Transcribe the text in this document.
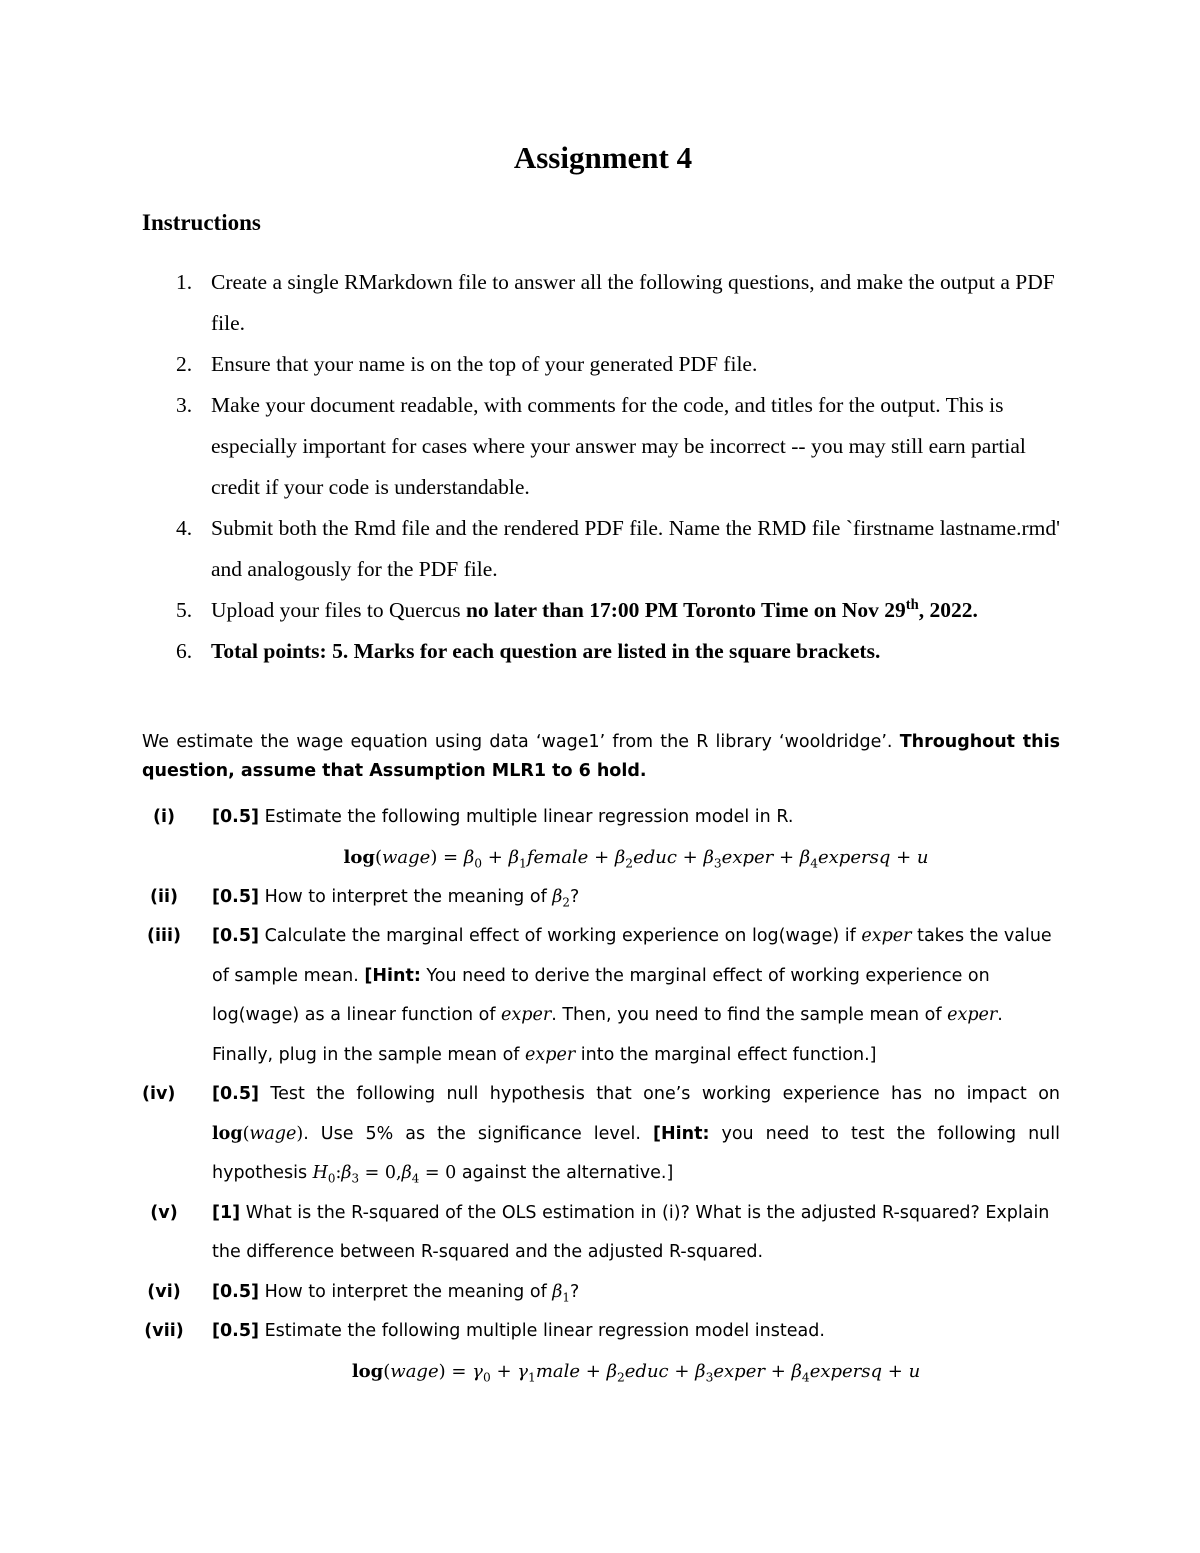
Assignment 4
Instructions
1. Create a single RMarkdown file to answer all the following questions, and make the output a PDF file.
2. Ensure that your name is on the top of your generated PDF file.
3. Make your document readable, with comments for the code, and titles for the output. This is especially important for cases where your answer may be incorrect -- you may still earn partial credit if your code is understandable.
4. Submit both the Rmd file and the rendered PDF file. Name the RMD file `firstname lastname.rmd' and analogously for the PDF file.
5. Upload your files to Quercus no later than 17:00 PM Toronto Time on Nov 29th, 2022.
6. Total points: 5. Marks for each question are listed in the square brackets.
We estimate the wage equation using data ‘wage1’ from the R library ‘wooldridge’. Throughout this question, assume that Assumption MLR1 to 6 hold.
(i)	[0.5] Estimate the following multiple linear regression model in R.
log(wage) = $\beta_0$ + $\beta_1female$ + $\beta_2educ$ + $\beta_3exper$ + $\beta_4expersq + u$
(ii)	[0.5] How to interpret the meaning of $\beta_2$?
(iii) [0.5] Calculate the marginal effect of working experience on log(wage) if exper takes the value of sample mean. [Hint: You need to derive the marginal effect of working experience on log(wage) as a linear function of exper. Then, you need to find the sample mean of exper. Finally, plug in the sample mean of exper into the marginal effect function.]
(iv)	[0.5] Test the following null hypothesis that one’s working experience has no impact on log(wage). Use 5% as the significance level. [Hint: you need to test the following null hypothesis $H_0:\beta_3 = 0,\beta_4 = 0$ against the alternative.]
(v)	[1] What is the R-squared of the OLS estimation in (i)? What is the adjusted R-squared? Explain the difference between R-squared and the adjusted R-squared.
(vi)	[0.5] How to interpret the meaning of $\beta_1$?
(vii) [0.5] Estimate the following multiple linear regression model instead.
log(wage) = $\gamma_0$ + $\gamma_1male$ + $\beta_2educ$ + $\beta_3exper$ + $\beta_4expersq + u$
